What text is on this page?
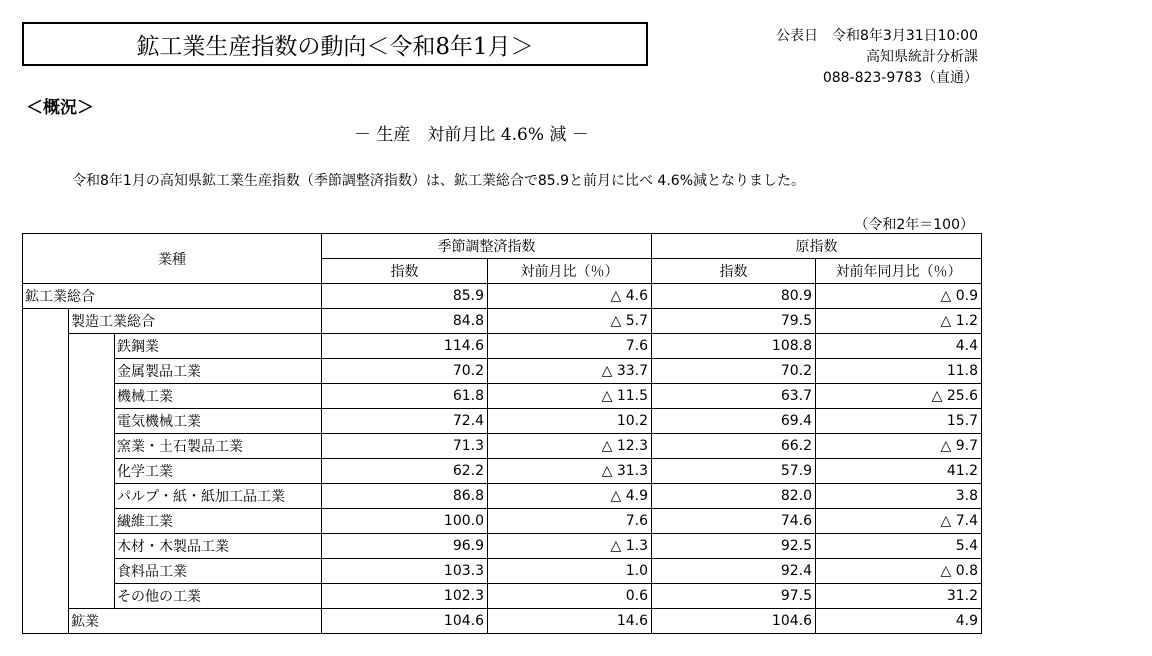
鉱工業生産指数の動向＜令和8年1月＞	公表日　令和8年3月31日10:00
高知県統計分析課
088-823-9783（直通）
＜概況＞
－ 生産　対前月比 4.6% 減 －
令和8年1月の高知県鉱工業生産指数（季節調整済指数）は、鉱工業総合で85.9と前月に比べ 4.6%減となりました。
（令和2年＝100）
業種			季節調整済指数		原指数	
			指数	対前月比（％）	指数	対前年同月比（％）
鉱工業総合			85.9	△ 4.6	80.9	△ 0.9
	製造工業総合		84.8	△ 5.7	79.5	△ 1.2
		鉄鋼業	114.6	7.6	108.8	4.4
		金属製品工業	70.2	△ 33.7	70.2	11.8
		機械工業	61.8	△ 11.5	63.7	△ 25.6
		電気機械工業	72.4	10.2	69.4	15.7
		窯業・土石製品工業	71.3	△ 12.3	66.2	△ 9.7
		化学工業	62.2	△ 31.3	57.9	41.2
		パルプ・紙・紙加工品工業	86.8	△ 4.9	82.0	3.8
		繊維工業	100.0	7.6	74.6	△ 7.4
		木材・木製品工業	96.9	△ 1.3	92.5	5.4
		食料品工業	103.3	1.0	92.4	△ 0.8
		その他の工業	102.3	0.6	97.5	31.2
	鉱業		104.6	14.6	104.6	4.9
